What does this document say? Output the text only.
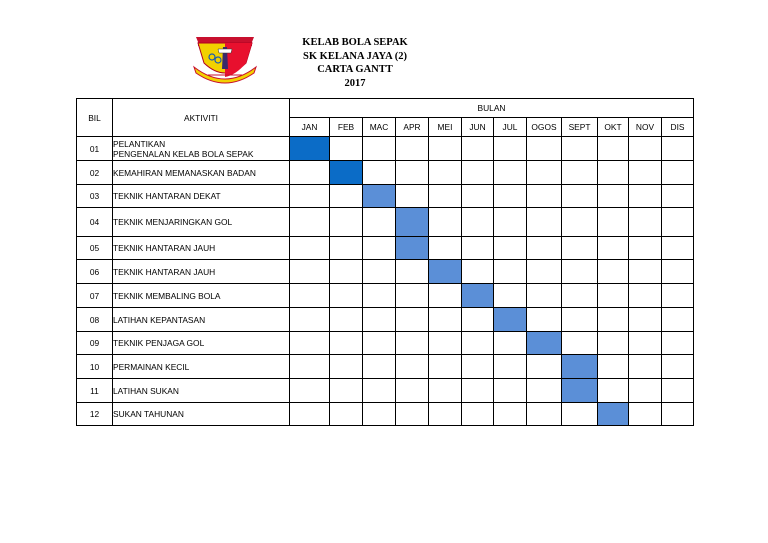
KELAB BOLA SEPAK
SK KELANA JAYA (2)
CARTA GANTT
2017
BIL	AKTIVITI	BULAN											
		JAN	FEB	MAC	APR	MEI	JUN	JUL	OGOS	SEPT	OKT	NOV	DIS
01	PELANTIKAN
PENGENALAN KELAB BOLA SEPAK												

02	KEMAHIRAN MEMANASKAN BADAN												
03	TEKNIK HANTARAN DEKAT												
04	TEKNIK MENJARINGKAN GOL												
05	TEKNIK HANTARAN JAUH												
06	TEKNIK HANTARAN JAUH												
07	TEKNIK MEMBALING BOLA												
08	LATIHAN KEPANTASAN												
09	TEKNIK PENJAGA GOL												
10	PERMAINAN KECIL												
11	LATIHAN SUKAN												
12	SUKAN TAHUNAN												
